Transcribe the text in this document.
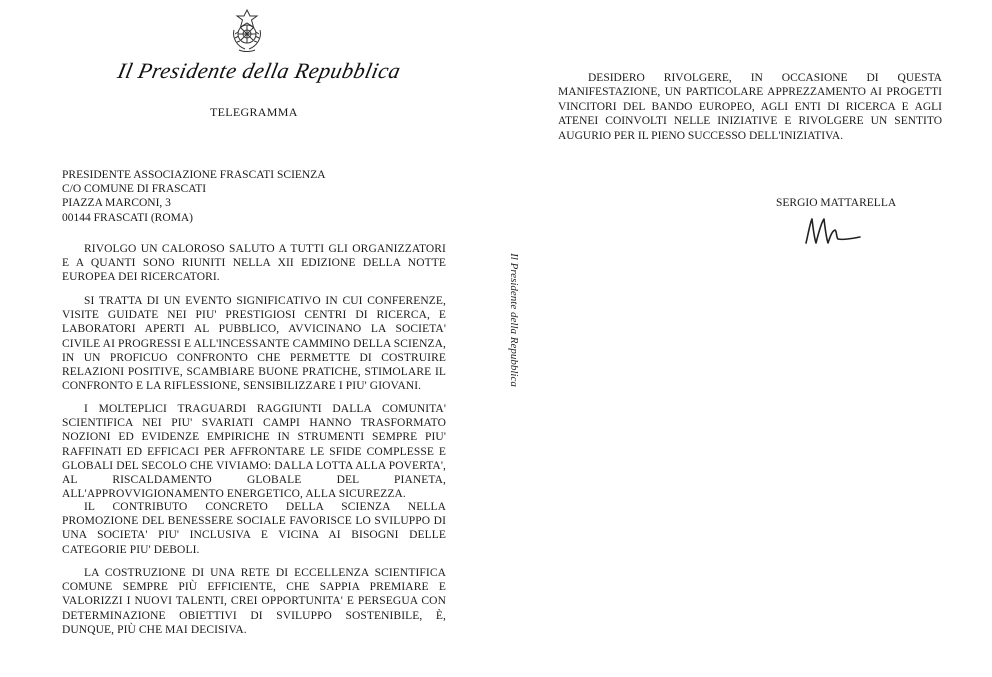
Il Presidente della Repubblica
TELEGRAMMA
PRESIDENTE ASSOCIAZIONE FRASCATI SCIENZA
C/O COMUNE DI FRASCATI
PIAZZA MARCONI, 3
00144 FRASCATI (ROMA)

RIVOLGO UN CALOROSO SALUTO A TUTTI GLI ORGANIZZATORI E A QUANTI SONO RIUNITI NELLA XII EDIZIONE DELLA NOTTE EUROPEA DEI RICERCATORI.

SI TRATTA DI UN EVENTO SIGNIFICATIVO IN CUI CONFERENZE, VISITE GUIDATE NEI PIU' PRESTIGIOSI CENTRI DI RICERCA, E LABORATORI APERTI AL PUBBLICO, AVVICINANO LA SOCIETA' CIVILE AI PROGRESSI E ALL'INCESSANTE CAMMINO DELLA SCIENZA, IN UN PROFICUO CONFRONTO CHE PERMETTE DI COSTRUIRE RELAZIONI POSITIVE, SCAMBIARE BUONE PRATICHE, STIMOLARE IL CONFRONTO E LA RIFLESSIONE, SENSIBILIZZARE I PIU' GIOVANI.

I MOLTEPLICI TRAGUARDI RAGGIUNTI DALLA COMUNITA' SCIENTIFICA NEI PIU' SVARIATI CAMPI HANNO TRASFORMATO NOZIONI ED EVIDENZE EMPIRICHE IN STRUMENTI SEMPRE PIU' RAFFINATI ED EFFICACI PER AFFRONTARE LE SFIDE COMPLESSE E GLOBALI DEL SECOLO CHE VIVIAMO: DALLA LOTTA ALLA POVERTA', AL RISCALDAMENTO GLOBALE DEL PIANETA, ALL'APPROVVIGIONAMENTO ENERGETICO, ALLA SICUREZZA.

IL CONTRIBUTO CONCRETO DELLA SCIENZA NELLA PROMOZIONE DEL BENESSERE SOCIALE FAVORISCE LO SVILUPPO DI UNA SOCIETA' PIU' INCLUSIVA E VICINA AI BISOGNI DELLE CATEGORIE PIU' DEBOLI.

LA COSTRUZIONE DI UNA RETE DI ECCELLENZA SCIENTIFICA COMUNE SEMPRE PIÙ EFFICIENTE, CHE SAPPIA PREMIARE E VALORIZZI I NUOVI TALENTI, CREI OPPORTUNITA' E PERSEGUA CON DETERMINAZIONE OBIETTIVI DI SVILUPPO SOSTENIBILE, È, DUNQUE, PIÙ CHE MAI DECISIVA.

Il Presidente della Repubblica

DESIDERO RIVOLGERE, IN OCCASIONE DI QUESTA MANIFESTAZIONE, UN PARTICOLARE APPREZZAMENTO AI PROGETTI VINCITORI DEL BANDO EUROPEO, AGLI ENTI DI RICERCA E AGLI ATENEI COINVOLTI NELLE INIZIATIVE E RIVOLGERE UN SENTITO AUGURIO PER IL PIENO SUCCESSO DELL'INIZIATIVA.

SERGIO MATTARELLA
